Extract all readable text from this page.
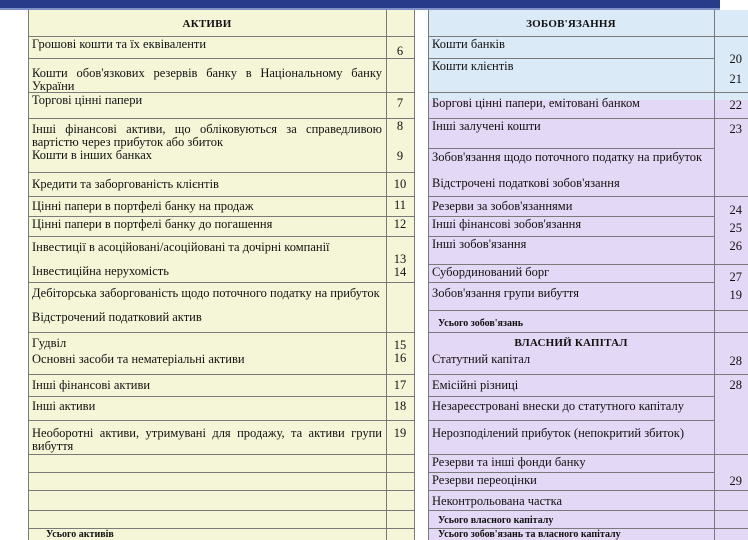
АКТИВИ
Грошові кошти та їх еквіваленти
Кошти обов'язкових резервів банку в Національному банку України
Торгові цінні папери
Інші фінансові активи, що обліковуються за справедливою вартістю через прибуток або збиток
Кошти в інших банках
Кредити та заборгованість клієнтів
Цінні папери в портфелі банку на продаж
Цінні папери в портфелі банку до погашення
Інвестиції в асоційовані/асоційовані та дочірні компанії
Інвестиційна нерухомість
Дебіторська заборгованість щодо поточного податку на прибуток
Відстрочений податковий актив
Гудвіл
Основні засоби та нематеріальні активи
Інші фінансові активи
Інші активи
Необоротні активи, утримувані для продажу, та активи групи вибуття
Усього активів
6
7
8
9
10
11
12
13
14
15
16
17
18
19
ЗОБОВ'ЯЗАННЯ
Кошти банків
Кошти клієнтів
Боргові цінні папери, емітовані банком
Інші залучені кошти
Зобов'язання щодо поточного податку на прибуток
Відстрочені податкові зобов'язання
Резерви за зобов'язаннями
Інші фінансові зобов'язання
Інші зобов'язання
Субординований борг
Зобов'язання групи вибуття
Усього зобов'язань
ВЛАСНИЙ КАПІТАЛ
Статутний капітал
Емісійні різниці
Незареєстровані внески до статутного капіталу
Нерозподілений прибуток (непокритий збиток)
Резерви та інші фонди банку
Резерви переоцінки
Неконтрольована частка
Усього власного капіталу
Усього зобов'язань та власного капіталу
20
21
22
23
24
25
26
27
19
28
28
29
